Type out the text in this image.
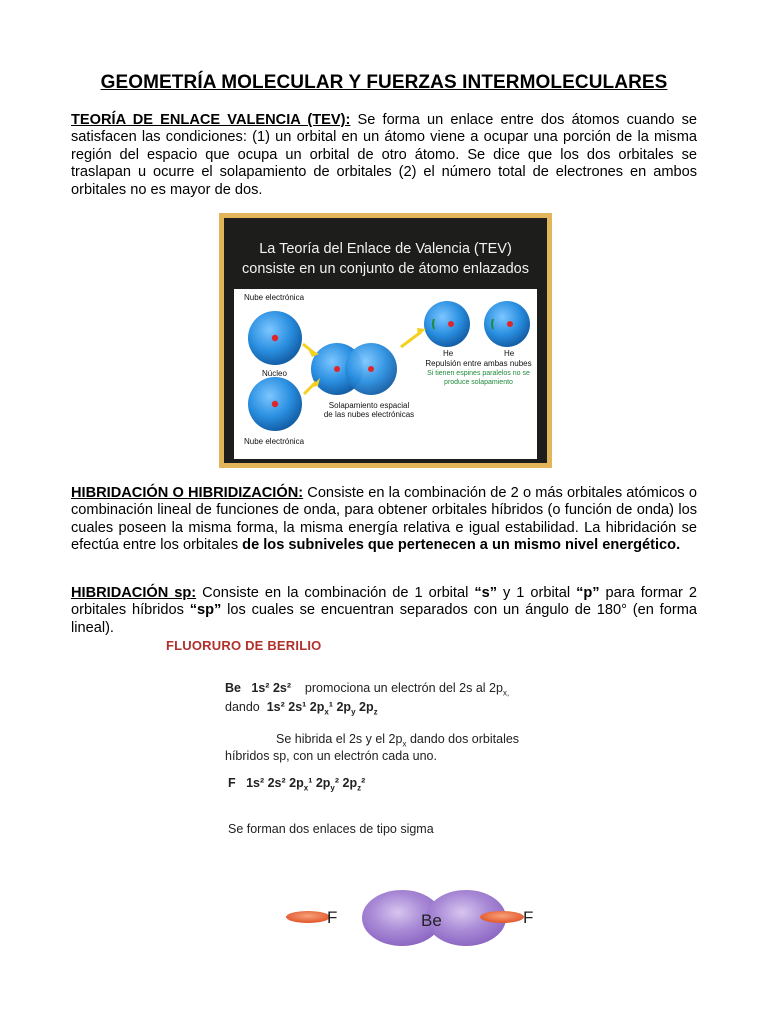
GEOMETRÍA MOLECULAR Y FUERZAS INTERMOLECULARES
TEORÍA DE ENLACE VALENCIA (TEV): Se forma un enlace entre dos átomos cuando se satisfacen las condiciones: (1) un orbital en un átomo viene a ocupar una porción de la misma región del espacio que ocupa un orbital de otro átomo. Se dice que los dos orbitales se traslapan u ocurre el solapamiento de orbitales (2) el número total de electrones en ambos orbitales no es mayor de dos.
La Teoría del Enlace de Valencia (TEV)
consiste en un conjunto de átomo enlazados
Nube electrónica
Núcleo
Nube electrónica
Solapamiento espacial
de las nubes electrónicas
He	He
Repulsión entre ambas nubes
Si tienen espines paralelos no se
produce solapamiento
HIBRIDACIÓN O HIBRIDIZACIÓN: Consiste en la combinación de 2 o más orbitales atómicos o combinación lineal de funciones de onda, para obtener orbitales híbridos (o función de onda) los cuales poseen la misma forma, la misma energía relativa e igual estabilidad. La hibridación se efectúa entre los orbitales de los subniveles que pertenecen a un mismo nivel energético.
HIBRIDACIÓN sp: Consiste en la combinación de 1 orbital “s” y 1 orbital “p” para formar 2 orbitales híbridos “sp” los cuales se encuentran separados con un ángulo de 180° (en forma lineal).
FLUORURO DE BERILIO
Be 1s² 2s² promociona un electrón del 2s al $2p_{x,}$
dando 1s² 2s¹ $2p_x^1$ $2p_y$ $2p_z$
Se hibrida el 2s y el $2p_x$ dando dos orbitales
híbridos sp, con un electrón cada uno.
F 1s² 2s² $2p_x^1$ $2p_y^2$ $2p_z^2$
Se forman dos enlaces de tipo sigma
F	Be	F
